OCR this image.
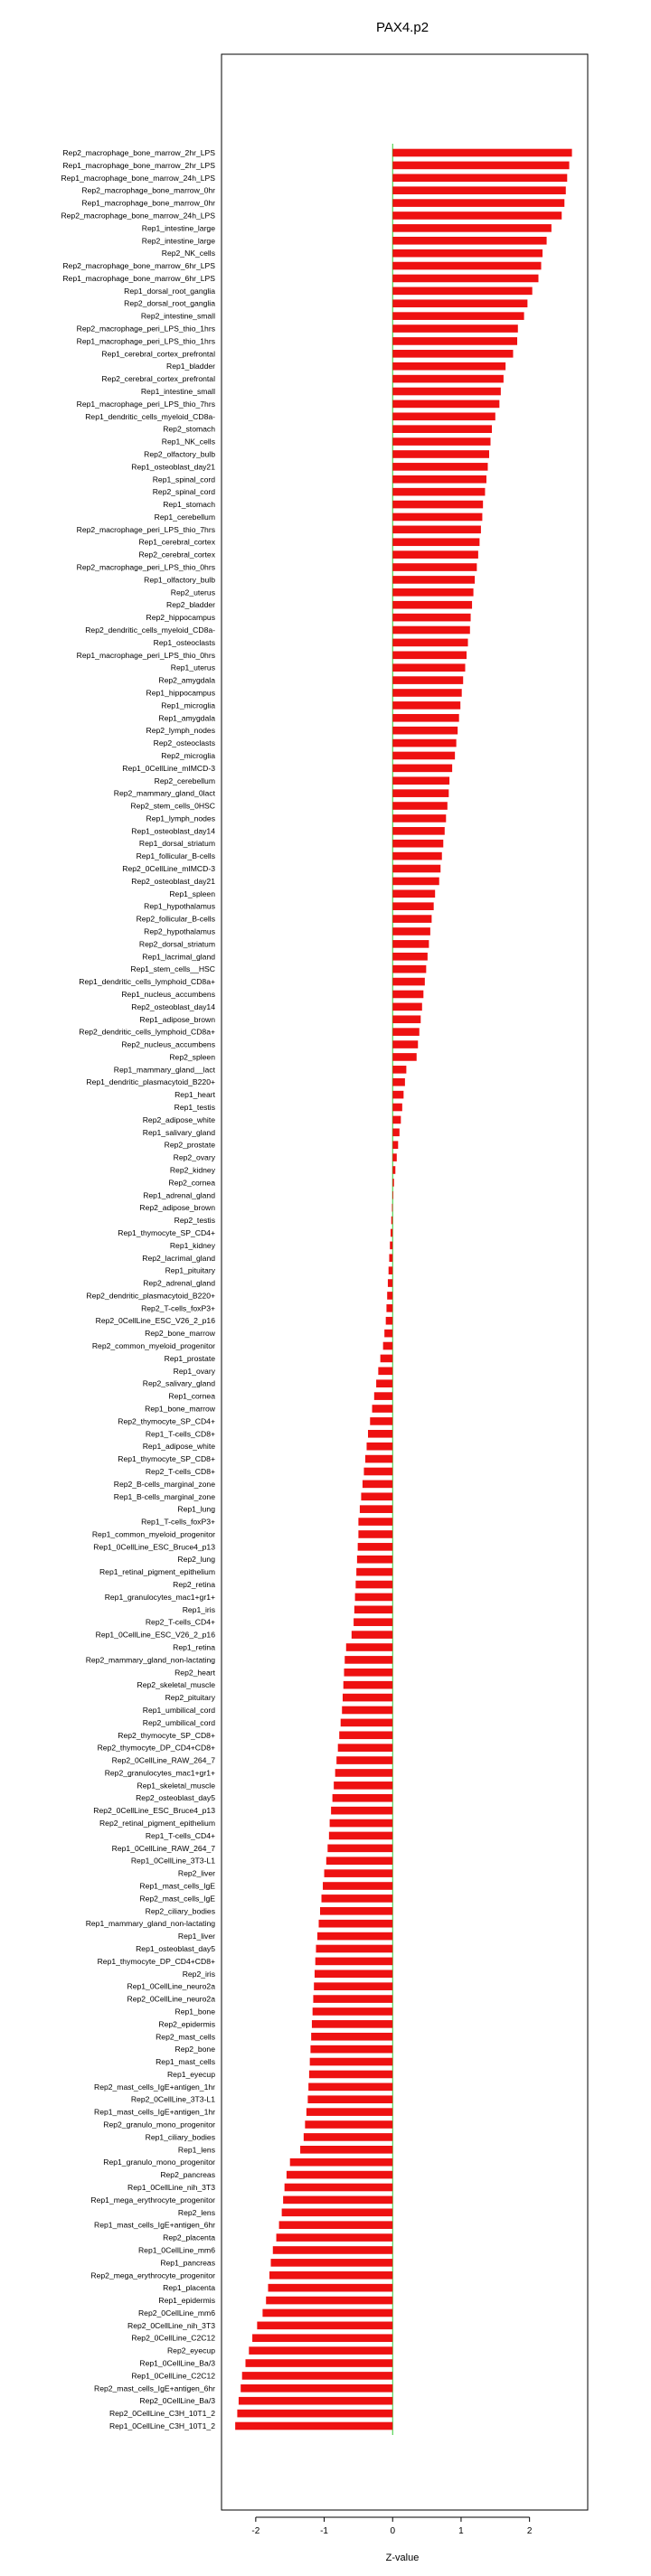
PAX4.p2
Rep2_macrophage_bone_marrow_2hr_LPS
Rep1_macrophage_bone_marrow_2hr_LPS
Rep1_macrophage_bone_marrow_24h_LPS
Rep2_macrophage_bone_marrow_0hr
Rep1_macrophage_bone_marrow_0hr
Rep2_macrophage_bone_marrow_24h_LPS
Rep1_intestine_large
Rep2_intestine_large
Rep2_NK_cells
Rep2_macrophage_bone_marrow_6hr_LPS
Rep1_macrophage_bone_marrow_6hr_LPS
Rep1_dorsal_root_ganglia
Rep2_dorsal_root_ganglia
Rep2_intestine_small
Rep2_macrophage_peri_LPS_thio_1hrs
Rep1_macrophage_peri_LPS_thio_1hrs
Rep1_cerebral_cortex_prefrontal
Rep1_bladder
Rep2_cerebral_cortex_prefrontal
Rep1_intestine_small
Rep1_macrophage_peri_LPS_thio_7hrs
Rep1_dendritic_cells_myeloid_CD8a-
Rep2_stomach
Rep1_NK_cells
Rep2_olfactory_bulb
Rep1_osteoblast_day21
Rep1_spinal_cord
Rep2_spinal_cord
Rep1_stomach
Rep1_cerebellum
Rep2_macrophage_peri_LPS_thio_7hrs
Rep1_cerebral_cortex
Rep2_cerebral_cortex
Rep2_macrophage_peri_LPS_thio_0hrs
Rep1_olfactory_bulb
Rep2_uterus
Rep2_bladder
Rep2_hippocampus
Rep2_dendritic_cells_myeloid_CD8a-
Rep1_osteoclasts
Rep1_macrophage_peri_LPS_thio_0hrs
Rep1_uterus
Rep2_amygdala
Rep1_hippocampus
Rep1_microglia
Rep1_amygdala
Rep2_lymph_nodes
Rep2_osteoclasts
Rep2_microglia
Rep1_0CellLine_mIMCD-3
Rep2_cerebellum
Rep2_mammary_gland_0lact
Rep2_stem_cells_0HSC
Rep1_lymph_nodes
Rep1_osteoblast_day14
Rep1_dorsal_striatum
Rep1_follicular_B-cells
Rep2_0CellLine_mIMCD-3
Rep2_osteoblast_day21
Rep1_spleen
Rep1_hypothalamus
Rep2_follicular_B-cells
Rep2_hypothalamus
Rep2_dorsal_striatum
Rep1_lacrimal_gland
Rep1_stem_cells__HSC
Rep1_dendritic_cells_lymphoid_CD8a+
Rep1_nucleus_accumbens
Rep2_osteoblast_day14
Rep1_adipose_brown
Rep2_dendritic_cells_lymphoid_CD8a+
Rep2_nucleus_accumbens
Rep2_spleen
Rep1_mammary_gland__lact
Rep1_dendritic_plasmacytoid_B220+
Rep1_heart
Rep1_testis
Rep2_adipose_white
Rep1_salivary_gland
Rep2_prostate
Rep2_ovary
Rep2_kidney
Rep2_cornea
Rep1_adrenal_gland
Rep2_adipose_brown
Rep2_testis
Rep1_thymocyte_SP_CD4+
Rep1_kidney
Rep2_lacrimal_gland
Rep1_pituitary
Rep2_adrenal_gland
Rep2_dendritic_plasmacytoid_B220+
Rep2_T-cells_foxP3+
Rep2_0CellLine_ESC_V26_2_p16
Rep2_bone_marrow
Rep2_common_myeloid_progenitor
Rep1_prostate
Rep1_ovary
Rep2_salivary_gland
Rep1_cornea
Rep1_bone_marrow
Rep2_thymocyte_SP_CD4+
Rep1_T-cells_CD8+
Rep1_adipose_white
Rep1_thymocyte_SP_CD8+
Rep2_T-cells_CD8+
Rep2_B-cells_marginal_zone
Rep1_B-cells_marginal_zone
Rep1_lung
Rep1_T-cells_foxP3+
Rep1_common_myeloid_progenitor
Rep1_0CellLine_ESC_Bruce4_p13
Rep2_lung
Rep1_retinal_pigment_epithelium
Rep2_retina
Rep1_granulocytes_mac1+gr1+
Rep1_iris
Rep2_T-cells_CD4+
Rep1_0CellLine_ESC_V26_2_p16
Rep1_retina
Rep2_mammary_gland_non-lactating
Rep2_heart
Rep2_skeletal_muscle
Rep2_pituitary
Rep1_umbilical_cord
Rep2_umbilical_cord
Rep2_thymocyte_SP_CD8+
Rep2_thymocyte_DP_CD4+CD8+
Rep2_0CellLine_RAW_264_7
Rep2_granulocytes_mac1+gr1+
Rep1_skeletal_muscle
Rep2_osteoblast_day5
Rep2_0CellLine_ESC_Bruce4_p13
Rep2_retinal_pigment_epithelium
Rep1_T-cells_CD4+
Rep1_0CellLine_RAW_264_7
Rep1_0CellLine_3T3-L1
Rep2_liver
Rep1_mast_cells_IgE
Rep2_mast_cells_IgE
Rep2_ciliary_bodies
Rep1_mammary_gland_non-lactating
Rep1_liver
Rep1_osteoblast_day5
Rep1_thymocyte_DP_CD4+CD8+
Rep2_iris
Rep1_0CellLine_neuro2a
Rep2_0CellLine_neuro2a
Rep1_bone
Rep2_epidermis
Rep2_mast_cells
Rep2_bone
Rep1_mast_cells
Rep1_eyecup
Rep2_mast_cells_IgE+antigen_1hr
Rep2_0CellLine_3T3-L1
Rep1_mast_cells_IgE+antigen_1hr
Rep2_granulo_mono_progenitor
Rep1_ciliary_bodies
Rep1_lens
Rep1_granulo_mono_progenitor
Rep2_pancreas
Rep1_0CellLine_nih_3T3
Rep1_mega_erythrocyte_progenitor
Rep2_lens
Rep1_mast_cells_IgE+antigen_6hr
Rep2_placenta
Rep1_0CellLine_mm6
Rep1_pancreas
Rep2_mega_erythrocyte_progenitor
Rep1_placenta
Rep1_epidermis
Rep2_0CellLine_mm6
Rep2_0CellLine_nih_3T3
Rep2_0CellLine_C2C12
Rep2_eyecup
Rep1_0CellLine_Ba/3
Rep1_0CellLine_C2C12
Rep2_mast_cells_IgE+antigen_6hr
Rep2_0CellLine_Ba/3
Rep2_0CellLine_C3H_10T1_2
Rep1_0CellLine_C3H_10T1_2
-2	-1	0	1	2
Z-value
